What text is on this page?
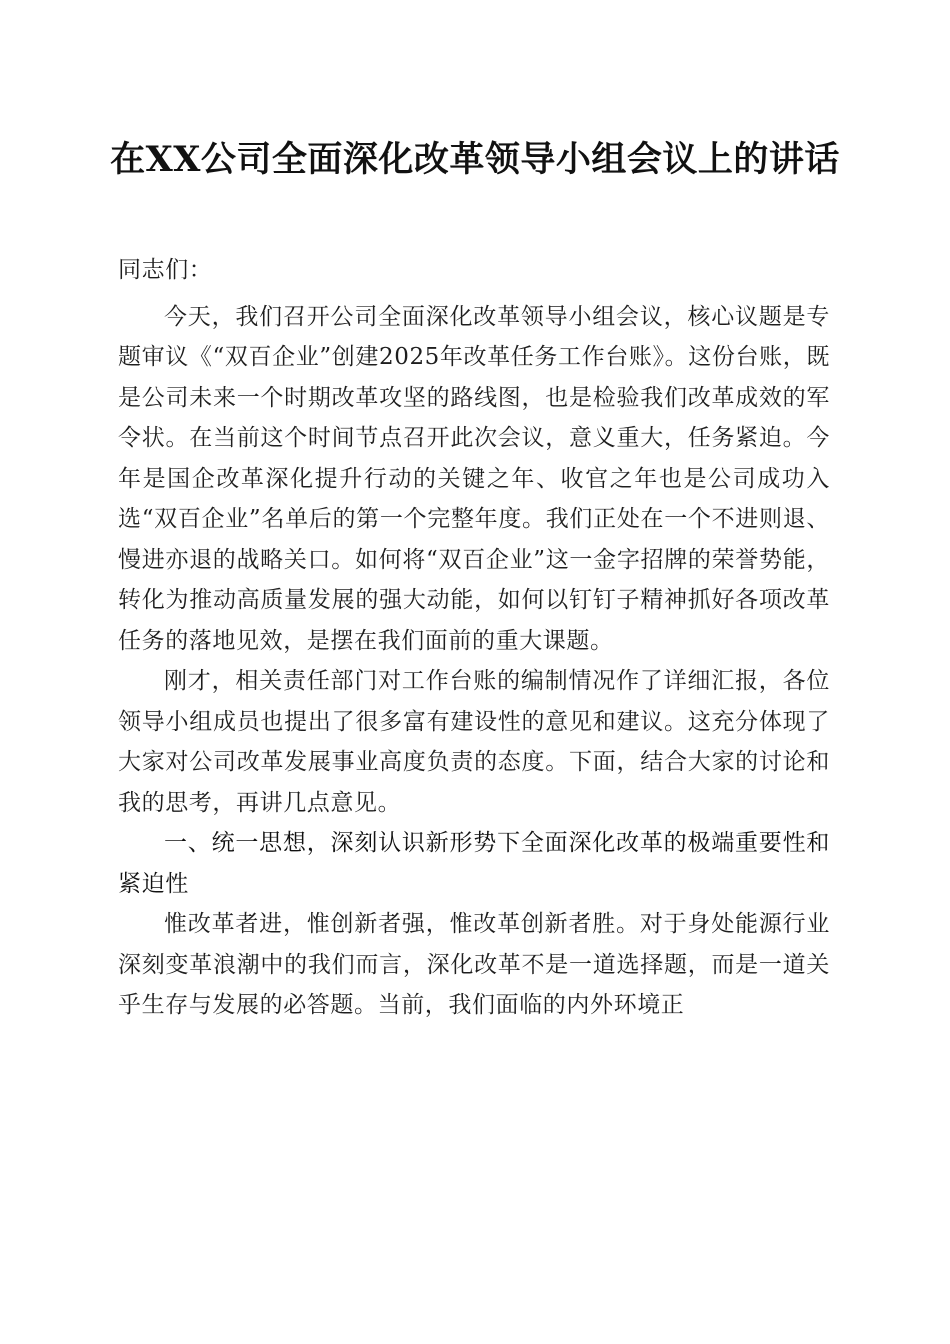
在XX公司全面深化改革领导小组会议上的讲话

同志们：

今天，我们召开公司全面深化改革领导小组会议，核心议题是专题审议《“双百企业”创建2025年改革任务工作台账》。这份台账，既是公司未来一个时期改革攻坚的路线图，也是检验我们改革成效的军令状。在当前这个时间节点召开此次会议，意义重大，任务紧迫。今年是国企改革深化提升行动的关键之年、收官之年也是公司成功入选“双百企业”名单后的第一个完整年度。我们正处在一个不进则退、慢进亦退的战略关口。如何将“双百企业”这一金字招牌的荣誉势能，转化为推动高质量发展的强大动能，如何以钉钉子精神抓好各项改革任务的落地见效，是摆在我们面前的重大课题。

刚才，相关责任部门对工作台账的编制情况作了详细汇报，各位领导小组成员也提出了很多富有建设性的意见和建议。这充分体现了大家对公司改革发展事业高度负责的态度。下面，结合大家的讨论和我的思考，再讲几点意见。

一、统一思想，深刻认识新形势下全面深化改革的极端重要性和紧迫性

惟改革者进，惟创新者强，惟改革创新者胜。对于身处能源行业深刻变革浪潮中的我们而言，深化改革不是一道选择题，而是一道关乎生存与发展的必答题。当前，我们面临的内外环境正
